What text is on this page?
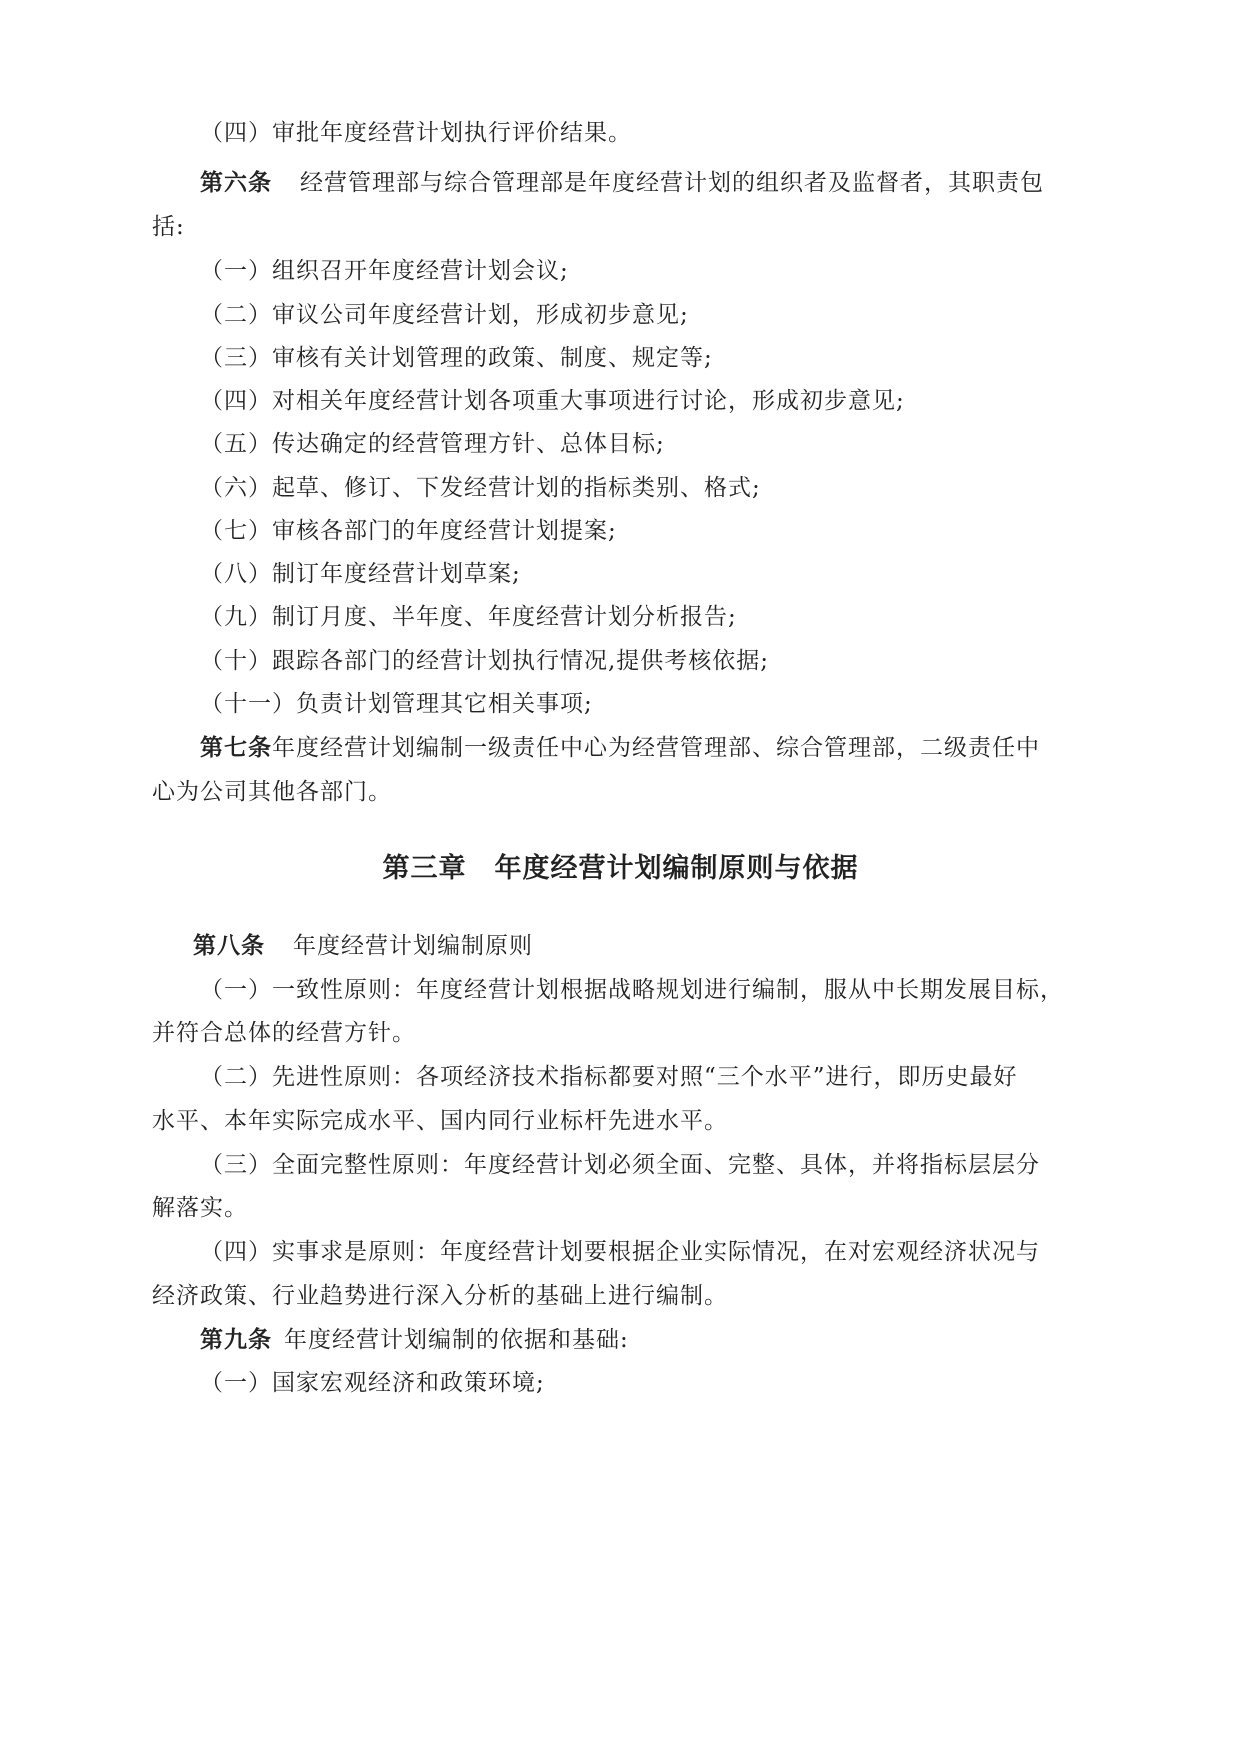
（四）审批年度经营计划执行评价结果。
第六条 经营管理部与综合管理部是年度经营计划的组织者及监督者，其职责包
括:
（一）组织召开年度经营计划会议;
（二）审议公司年度经营计划，形成初步意见;
（三）审核有关计划管理的政策、制度、规定等;
（四）对相关年度经营计划各项重大事项进行讨论，形成初步意见;
（五）传达确定的经营管理方针、总体目标;
（六）起草、修订、下发经营计划的指标类别、格式;
（七）审核各部门的年度经营计划提案;
（八）制订年度经营计划草案;
（九）制订月度、半年度、年度经营计划分析报告;
（十）跟踪各部门的经营计划执行情况,提供考核依据;
（十一）负责计划管理其它相关事项;
第七条年度经营计划编制一级责任中心为经营管理部、综合管理部，二级责任中
心为公司其他各部门。
第三章 年度经营计划编制原则与依据
第八条 年度经营计划编制原则
（一）一致性原则：年度经营计划根据战略规划进行编制，服从中长期发展目标，
并符合总体的经营方针。
（二）先进性原则：各项经济技术指标都要对照“三个水平”进行，即历史最好
水平、本年实际完成水平、国内同行业标杆先进水平。
（三）全面完整性原则：年度经营计划必须全面、完整、具体，并将指标层层分
解落实。
（四）实事求是原则：年度经营计划要根据企业实际情况，在对宏观经济状况与
经济政策、行业趋势进行深入分析的基础上进行编制。
第九条 年度经营计划编制的依据和基础:
（一）国家宏观经济和政策环境;
